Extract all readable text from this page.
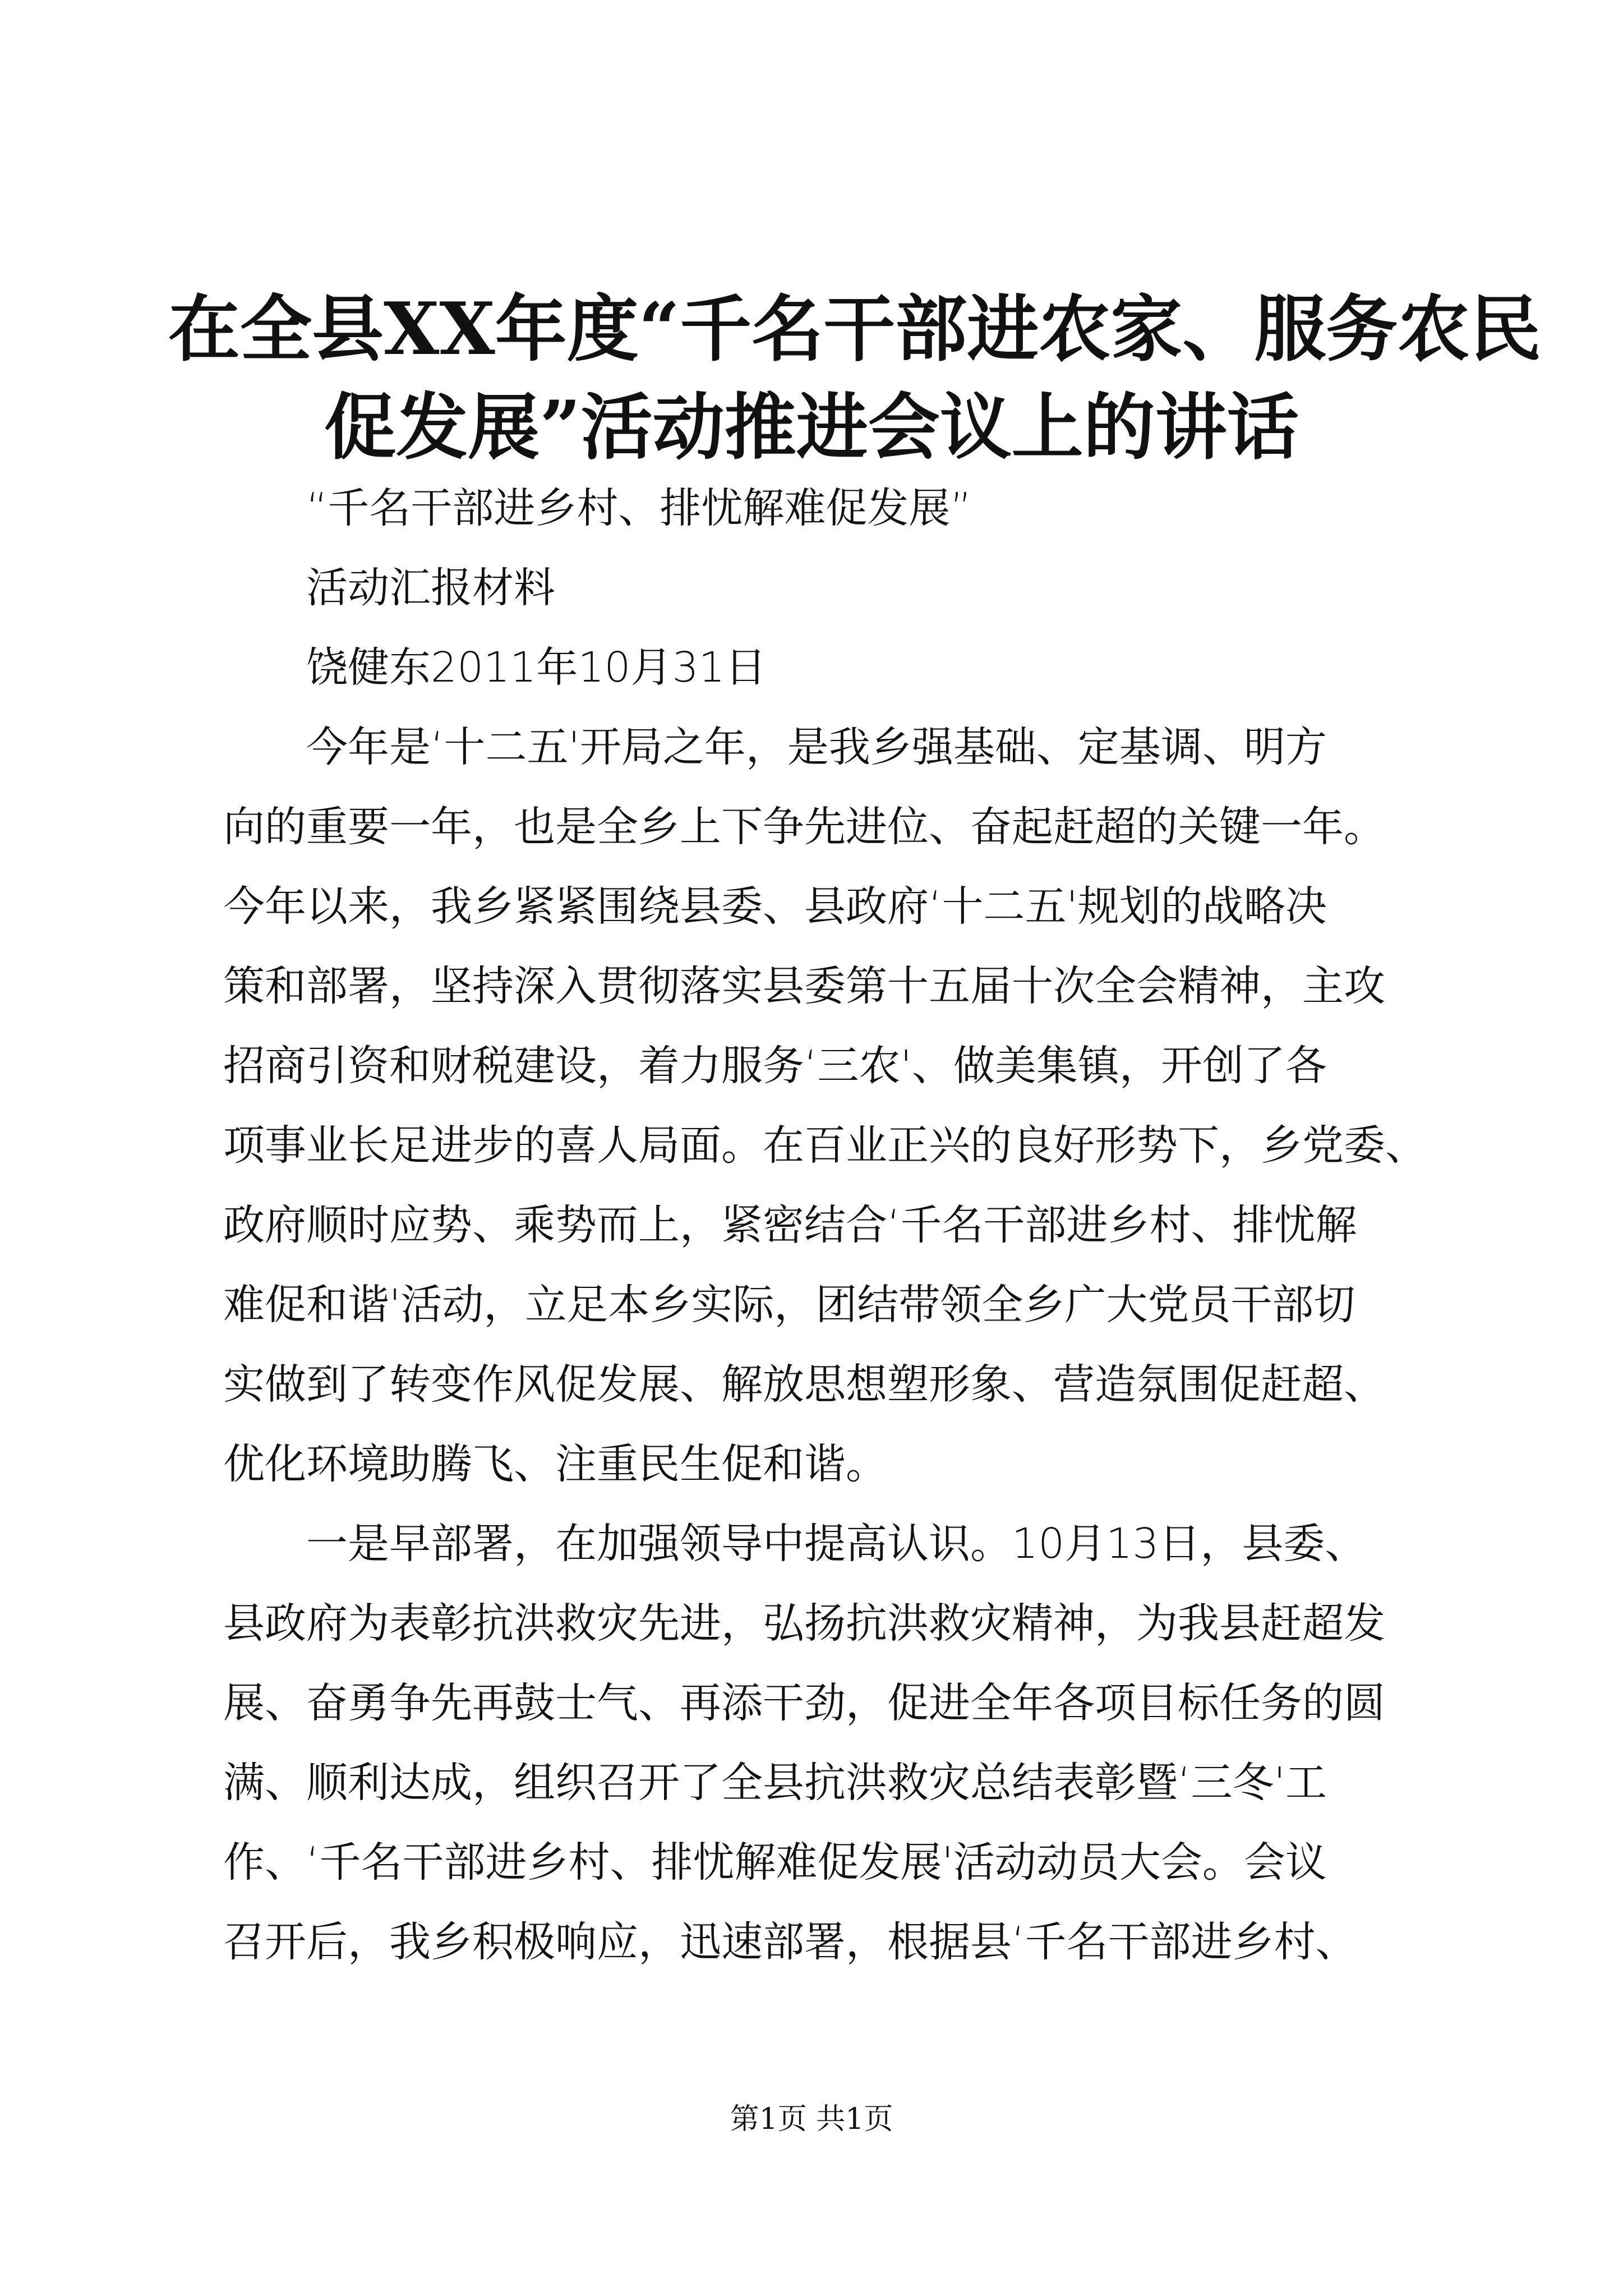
在全县XX年度“千名干部进农家、服务农民
促发展”活动推进会议上的讲话
“千名干部进乡村、排忧解难促发展”
活动汇报材料
饶健东2011年10月31日
今年是‘十二五'开局之年，是我乡强基础、定基调、明方
向的重要一年，也是全乡上下争先进位、奋起赶超的关键一年。
今年以来，我乡紧紧围绕县委、县政府‘十二五'规划的战略决
策和部署，坚持深入贯彻落实县委第十五届十次全会精神，主攻
招商引资和财税建设，着力服务‘三农'、做美集镇，开创了各
项事业长足进步的喜人局面。在百业正兴的良好形势下，乡党委、
政府顺时应势、乘势而上，紧密结合‘千名干部进乡村、排忧解
难促和谐'活动，立足本乡实际，团结带领全乡广大党员干部切
实做到了转变作风促发展、解放思想塑形象、营造氛围促赶超、
优化环境助腾飞、注重民生促和谐。
一是早部署，在加强领导中提高认识。10月13日，县委、
县政府为表彰抗洪救灾先进，弘扬抗洪救灾精神，为我县赶超发
展、奋勇争先再鼓士气、再添干劲，促进全年各项目标任务的圆
满、顺利达成，组织召开了全县抗洪救灾总结表彰暨‘三冬'工
作、‘千名干部进乡村、排忧解难促发展'活动动员大会。会议
召开后，我乡积极响应，迅速部署，根据县‘千名干部进乡村、
第1页 共1页
